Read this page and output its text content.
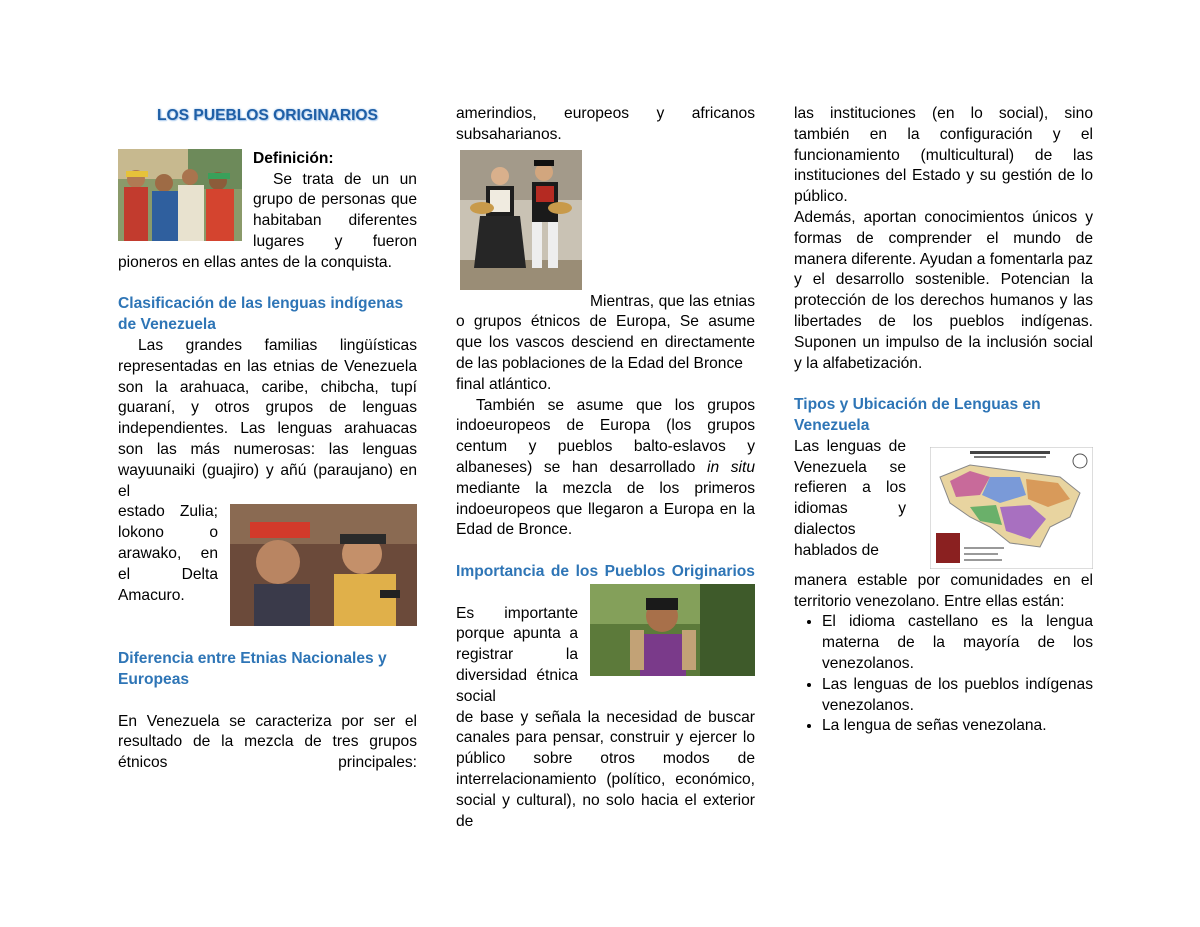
LOS PUEBLOS ORIGINARIOS

Definición:

Se trata de un un grupo de personas que habitaban diferentes lugares y fueron pioneros en ellas antes de la conquista.

Clasificación de las lenguas indígenas de Venezuela

Las grandes familias lingüísticas representadas en las etnias de Venezuela son la arahuaca, caribe, chibcha, tupí guaraní, y otros grupos de lenguas independientes. Las lenguas arahuacas son las más numerosas: las lenguas wayuunaiki (guajiro) y añú (paraujano) en el

estado Zulia; lokono o arawako, en el Delta Amacuro.

Diferencia entre Etnias Nacionales y Europeas

En Venezuela se caracteriza por ser el resultado de la mezcla de tres grupos étnicos principales:

amerindios, europeos y africanos subsaharianos.

Mientras, que las etnias o grupos étnicos de Europa, Se asume que los vascos desciend en directamente de las poblaciones de la Edad del Bronce

final atlántico.

También se asume que los grupos indoeuropeos de Europa (los grupos centum y pueblos balto-eslavos y albaneses) se han desarrollado in situ mediante la mezcla de los primeros indoeuropeos que llegaron a Europa en la Edad de Bronce.

Importancia de los Pueblos Originarios

Es importante porque apunta a registrar la diversidad étnica social

de base y señala la necesidad de buscar canales para pensar, construir y ejercer lo público sobre otros modos de interrelacionamiento (político, económico, social y cultural), no solo hacia el exterior de

las instituciones (en lo social), sino también en la configuración y el funcionamiento (multicultural) de las instituciones del Estado y su gestión de lo público.

Además, aportan conocimientos únicos y formas de comprender el mundo de manera diferente. Ayudan a fomentarla paz y el desarrollo sostenible. Potencian la protección de los derechos humanos y las libertades de los pueblos indígenas. Suponen un impulso de la inclusión social y la alfabetización.

Tipos y Ubicación de Lenguas en Venezuela

Las lenguas de Venezuela se refieren a los idiomas y dialectos hablados de

manera estable por comunidades en el territorio venezolano. Entre ellas están:

• El idioma castellano es la lengua materna de la mayoría de los venezolanos.
• Las lenguas de los pueblos indígenas venezolanos.
• La lengua de señas venezolana.
